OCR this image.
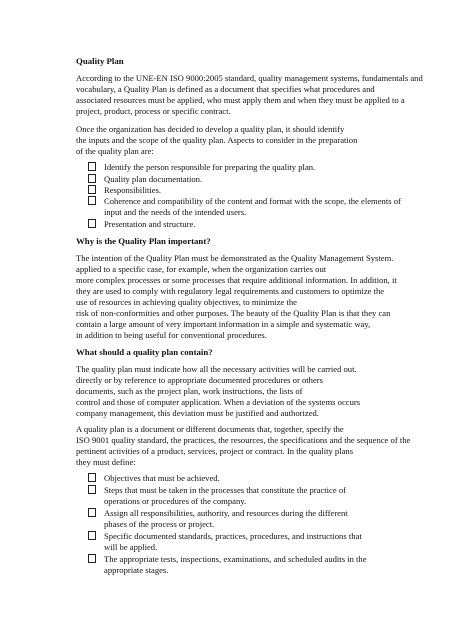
Quality Plan

According to the UNE-EN ISO 9000:2005 standard, quality management systems, fundamentals and

vocabulary, a Quality Plan is defined as a document that specifies what procedures and

associated resources must be applied, who must apply them and when they must be applied to a

project, product, process or specific contract.

Once the organization has decided to develop a quality plan, it should identify

the inputs and the scope of the quality plan. Aspects to consider in the preparation

of the quality plan are:

Identify the person responsible for preparing the quality plan.

Quality plan documentation.

Responsibilities.

Coherence and compatibility of the content and format with the scope, the elements of

input and the needs of the intended users.

Presentation and structure.

Why is the Quality Plan important?

The intention of the Quality Plan must be demonstrated as the Quality Management System.

applied to a specific case, for example, when the organization carries out

more complex processes or some processes that require additional information. In addition, it

they are used to comply with regulatory legal requirements and customers to optimize the

use of resources in achieving quality objectives, to minimize the

risk of non-conformities and other purposes. The beauty of the Quality Plan is that they can

contain a large amount of very important information in a simple and systematic way,

in addition to being useful for conventional procedures.

What should a quality plan contain?

The quality plan must indicate how all the necessary activities will be carried out.

directly or by reference to appropriate documented procedures or others

documents, such as the project plan, work instructions, the lists of

control and those of computer application. When a deviation of the systems occurs

company management, this deviation must be justified and authorized.

A quality plan is a document or different documents that, together, specify the

ISO 9001 quality standard, the practices, the resources, the specifications and the sequence of the

pertinent activities of a product, services, project or contract. In the quality plans

they must define:

Objectives that must be achieved.

Steps that must be taken in the processes that constitute the practice of

operations or procedures of the company.

Assign all responsibilities, authority, and resources during the different

phases of the process or project.

Specific documented standards, practices, procedures, and instructions that

will be applied.

The appropriate tests, inspections, examinations, and scheduled audits in the

appropriate stages.
